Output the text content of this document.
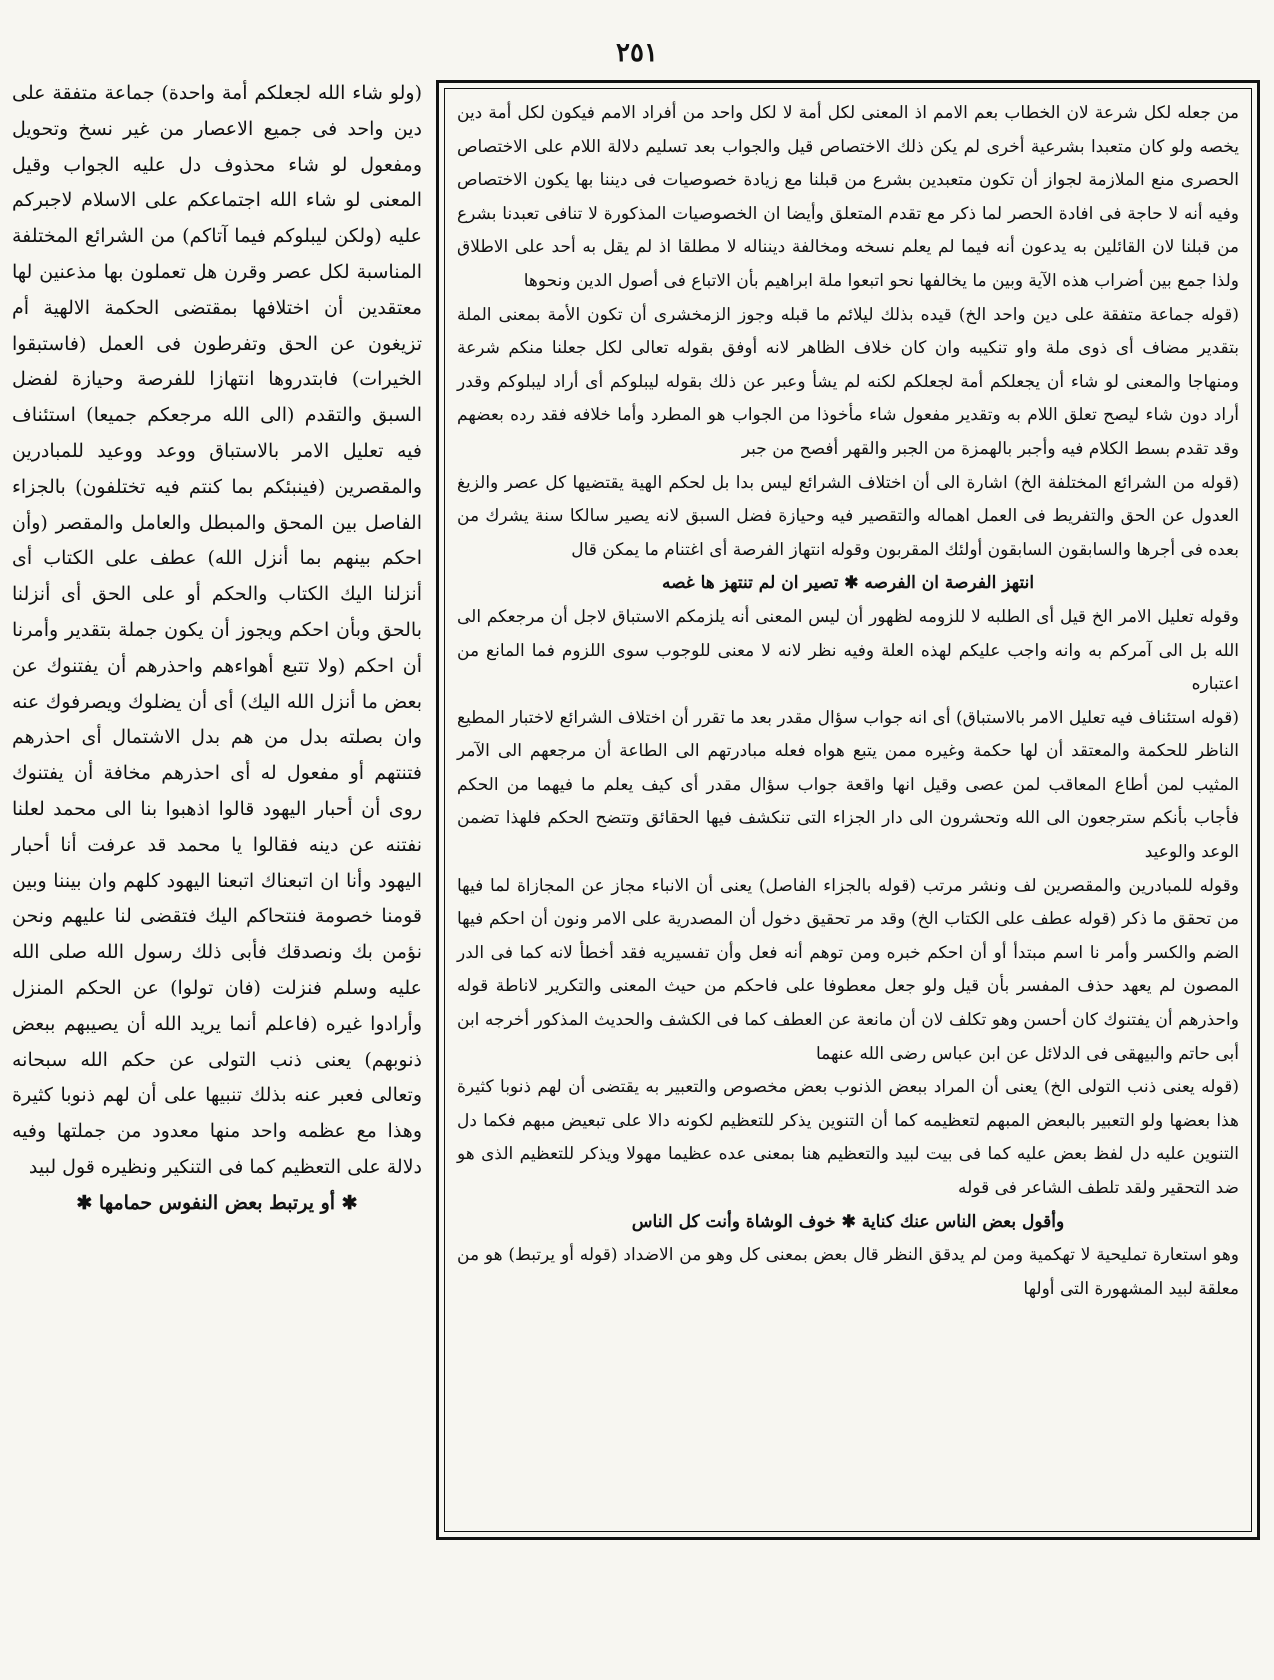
٢٥١

من جعله لكل شرعة لان الخطاب بعم الامم اذ المعنى لكل أمة لا لكل واحد من أفراد الامم فيكون لكل أمة دين يخصه ولو كان متعبدا بشرعية أخرى لم يكن ذلك الاختصاص قيل والجواب بعد تسليم دلالة اللام على الاختصاص الحصرى منع الملازمة لجواز أن تكون متعبدين بشرع من قبلنا مع زيادة خصوصيات فى ديننا بها يكون الاختصاص وفيه أنه لا حاجة فى افادة الحصر لما ذكر مع تقدم المتعلق وأيضا ان الخصوصيات المذكورة لا تنافى تعبدنا بشرع من قبلنا لان القائلين به يدعون أنه فيما لم يعلم نسخه ومخالفة دينناله لا مطلقا اذ لم يقل به أحد على الاطلاق ولذا جمع بين أضراب هذه الآية وبين ما يخالفها نحو اتبعوا ملة ابراهيم بأن الاتباع فى أصول الدين ونحوها

(قوله جماعة متفقة على دين واحد الخ) قيده بذلك ليلائم ما قبله وجوز الزمخشرى أن تكون الأمة بمعنى الملة بتقدير مضاف أى ذوى ملة واو تنكيبه وان كان خلاف الظاهر لانه أوفق بقوله تعالى لكل جعلنا منكم شرعة ومنهاجا والمعنى لو شاء أن يجعلكم أمة لجعلكم لكنه لم يشأ وعبر عن ذلك بقوله ليبلوكم أى أراد ليبلوكم وقدر أراد دون شاء ليصح تعلق اللام به وتقدير مفعول شاء مأخوذا من الجواب هو المطرد وأما خلافه فقد رده بعضهم وقد تقدم بسط الكلام فيه وأجبر بالهمزة من الجبر والقهر أفصح من جبر

(قوله من الشرائع المختلفة الخ) اشارة الى أن اختلاف الشرائع ليس بدا بل لحكم الهية يقتضيها كل عصر والزيغ العدول عن الحق والتفريط فى العمل اهماله والتقصير فيه وحيازة فضل السبق لانه يصير سالكا سنة يشرك من بعده فى أجرها والسابقون السابقون أولئك المقربون وقوله انتهاز الفرصة أى اغتنام ما يمكن قال

انتهز الفرصة ان الفرصه ✱ تصير ان لم تنتهز ها غصه

وقوله تعليل الامر الخ قيل أى الطلبه لا للزومه لظهور أن ليس المعنى أنه يلزمكم الاستباق لاجل أن مرجعكم الى الله بل الى آمركم به وانه واجب عليكم لهذه العلة وفيه نظر لانه لا معنى للوجوب سوى اللزوم فما المانع من اعتباره

(قوله استئناف فيه تعليل الامر بالاستباق) أى انه جواب سؤال مقدر بعد ما تقرر أن اختلاف الشرائع لاختبار المطيع الناظر للحكمة والمعتقد أن لها حكمة وغيره ممن يتبع هواه فعله مبادرتهم الى الطاعة أن مرجعهم الى الآمر المثيب لمن أطاع المعاقب لمن عصى وقيل انها واقعة جواب سؤال مقدر أى كيف يعلم ما فيهما من الحكم فأجاب بأنكم سترجعون الى الله وتحشرون الى دار الجزاء التى تنكشف فيها الحقائق وتتضح الحكم فلهذا تضمن الوعد والوعيد

وقوله للمبادرين والمقصرين لف ونشر مرتب (قوله بالجزاء الفاصل) يعنى أن الانباء مجاز عن المجازاة لما فيها من تحقق ما ذكر (قوله عطف على الكتاب الخ) وقد مر تحقيق دخول أن المصدرية على الامر ونون أن احكم فيها الضم والكسر وأمر نا اسم مبتدأ أو أن احكم خبره ومن توهم أنه فعل وأن تفسيريه فقد أخطأ لانه كما فى الدر المصون لم يعهد حذف المفسر بأن قيل ولو جعل معطوفا على فاحكم من حيث المعنى والتكرير لاناطة قوله واحذرهم أن يفتنوك كان أحسن وهو تكلف لان أن مانعة عن العطف كما فى الكشف والحديث المذكور أخرجه ابن أبى حاتم والبيهقى فى الدلائل عن ابن عباس رضى الله عنهما

(قوله يعنى ذنب التولى الخ) يعنى أن المراد ببعض الذنوب بعض مخصوص والتعبير به يقتضى أن لهم ذنوبا كثيرة هذا بعضها ولو التعبير بالبعض المبهم لتعظيمه كما أن التنوين يذكر للتعظيم لكونه دالا على تبعيض مبهم فكما دل التنوين عليه دل لفظ بعض عليه كما فى بيت لبيد والتعظيم هنا بمعنى عده عظيما مهولا ويذكر للتعظيم الذى هو ضد التحقير ولقد تلطف الشاعر فى قوله

وأقول بعض الناس عنك كناية ✱ خوف الوشاة وأنت كل الناس

وهو استعارة تمليحية لا تهكمية ومن لم يدقق النظر قال بعض بمعنى كل وهو من الاضداد (قوله أو يرتبط) هو من معلقة لبيد المشهورة التى أولها

(ولو شاء الله لجعلكم أمة واحدة) جماعة متفقة على دين واحد فى جميع الاعصار من غير نسخ وتحويل ومفعول لو شاء محذوف دل عليه الجواب وقيل المعنى لو شاء الله اجتماعكم على الاسلام لاجبركم عليه (ولكن ليبلوكم فيما آتاكم) من الشرائع المختلفة المناسبة لكل عصر وقرن هل تعملون بها مذعنين لها معتقدين أن اختلافها بمقتضى الحكمة الالهية أم تزيغون عن الحق وتفرطون فى العمل (فاستبقوا الخيرات) فابتدروها انتهازا للفرصة وحيازة لفضل السبق والتقدم (الى الله مرجعكم جميعا) استئناف فيه تعليل الامر بالاستباق ووعد ووعيد للمبادرين والمقصرين (فينبئكم بما كنتم فيه تختلفون) بالجزاء الفاصل بين المحق والمبطل والعامل والمقصر (وأن احكم بينهم بما أنزل الله) عطف على الكتاب أى أنزلنا اليك الكتاب والحكم أو على الحق أى أنزلنا بالحق وبأن احكم ويجوز أن يكون جملة بتقدير وأمرنا أن احكم (ولا تتبع أهواءهم واحذرهم أن يفتنوك عن بعض ما أنزل الله اليك) أى أن يضلوك ويصرفوك عنه وان بصلته بدل من هم بدل الاشتمال أى احذرهم فتنتهم أو مفعول له أى احذرهم مخافة أن يفتنوك روى أن أحبار اليهود قالوا اذهبوا بنا الى محمد لعلنا نفتنه عن دينه فقالوا يا محمد قد عرفت أنا أحبار اليهود وأنا ان اتبعناك اتبعنا اليهود كلهم وان بيننا وبين قومنا خصومة فنتحاكم اليك فتقضى لنا عليهم ونحن نؤمن بك ونصدقك فأبى ذلك رسول الله صلى الله عليه وسلم فنزلت (فان تولوا) عن الحكم المنزل وأرادوا غيره (فاعلم أنما يريد الله أن يصيبهم ببعض ذنوبهم) يعنى ذنب التولى عن حكم الله سبحانه وتعالى فعبر عنه بذلك تنبيها على أن لهم ذنوبا كثيرة وهذا مع عظمه واحد منها معدود من جملتها وفيه دلالة على التعظيم كما فى التنكير ونظيره قول لبيد

✱ أو يرتبط بعض النفوس حمامها ✱
